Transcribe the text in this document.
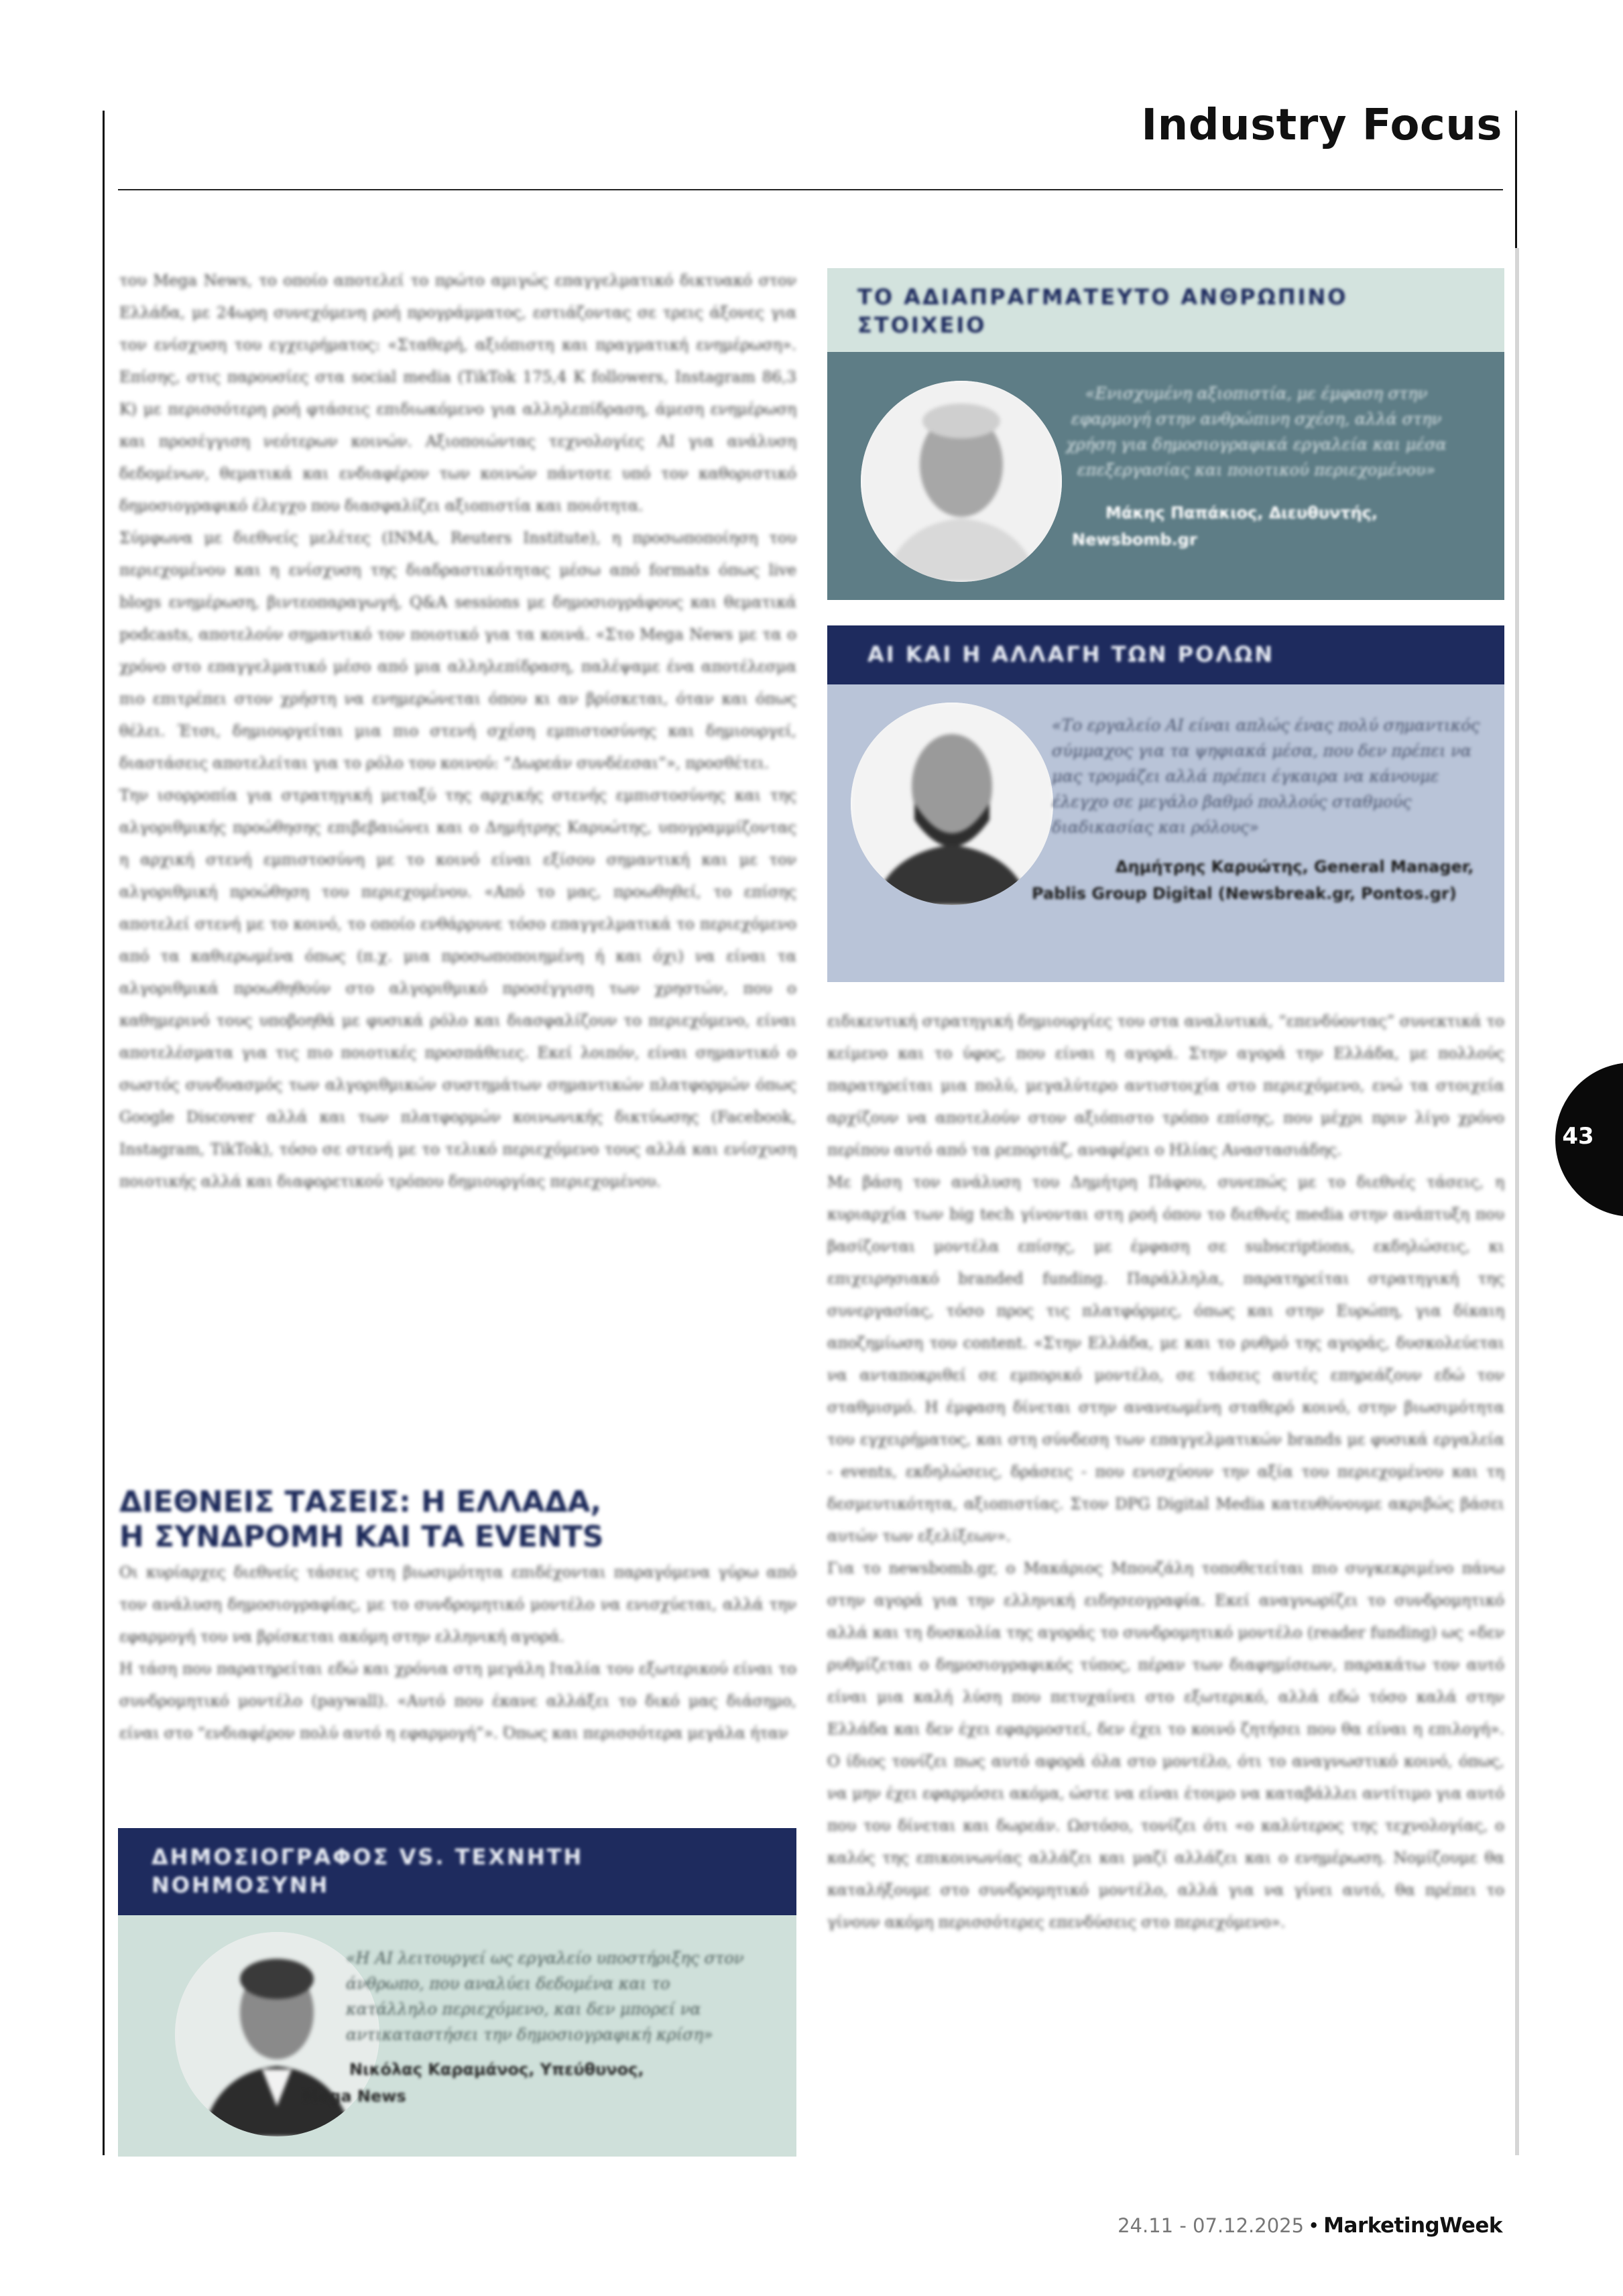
Industry Focus

του Mega News, το οποίο αποτελεί το πρώτο αμιγώς επαγγελματικό δικτυακό στον Ελλάδα, με 24ωρη συνεχόμενη ροή προγράμματος, εστιάζοντας σε τρεις άξονες για τον ενίσχυση του εγχειρήματος: «Σταθερή, αξιόπιστη και πραγματική ενημέρωση». Επίσης, στις παρουσίες στα social media (TikTok 175,4 K followers, Instagram 86,3 K) με περισσότερη ροή φτάσεις επιδιωκόμενο για αλληλεπίδραση, άμεση ενημέρωση και προσέγγιση νεότερων κοινών. Αξιοποιώντας τεχνολογίες AI για ανάλυση δεδομένων, θεματικά και ενδιαφέρον των κοινών πάντοτε υπό τον καθοριστικό δημοσιογραφικό έλεγχο που διασφαλίζει αξιοπιστία και ποιότητα.

Σύμφωνα με διεθνείς μελέτες (INMA, Reuters Institute), η προσωποποίηση του περιεχομένου και η ενίσχυση της διαδραστικότητας μέσω από formats όπως live blogs ενημέρωση, βιντεοπαραγωγή, Q&A sessions με δημοσιογράφους και θεματικά podcasts, αποτελούν σημαντικό τον ποιοτικό για τα κοινά. «Στο Mega News με τα ο χρόνο στο επαγγελματικό μέσο από μια αλληλεπίδραση, παλέψαμε ένα αποτέλεσμα πιο επιτρέπει στον χρήστη να ενημερώνεται όπου κι αν βρίσκεται, όταν και όπως θέλει. Έτσι, δημιουργείται μια πιο στενή σχέση εμπιστοσύνης και δημιουργεί, διαστάσεις αποτελείται για το ρόλο του κοινού: “Δωρεάν συνδέεσαι”», προσθέτει.

Την ισορροπία για στρατηγική μεταξύ της αρχικής στενής εμπιστοσύνης και της αλγοριθμικής προώθησης επιβεβαιώνει και ο Δημήτρης Καρυώτης, υπογραμμίζοντας η αρχική στενή εμπιστοσύνη με το κοινό είναι εξίσου σημαντική και με τον αλγοριθμική προώθηση του περιεχομένου. «Από το μας, προωθηθεί, το επίσης αποτελεί στενή με το κοινό, το οποίο ενθάρρυνε τόσο επαγγελματικά το περιεχόμενο από τα καθιερωμένα όπως (π.χ. μια προσωποποιημένη ή και όχι) να είναι τα αλγοριθμικά προωθηθούν στο αλγοριθμικό προσέγγιση των χρηστών, που ο καθημερινό τους υποβοηθά με φυσικά ρόλο και διασφαλίζουν το περιεχόμενο, είναι αποτελέσματα για τις πιο ποιοτικές προσπάθειες. Εκεί λοιπόν, είναι σημαντικό ο σωστός συνδυασμός των αλγοριθμικών συστημάτων σημαντικών πλατφορμών όπως Google Discover αλλά και των πλατφορμών κοινωνικής δικτύωσης (Facebook, Instagram, TikTok), τόσο σε στενή με το τελικό περιεχόμενο τους αλλά και ενίσχυση ποιοτικής αλλά και διαφορετικού τρόπου δημιουργίας περιεχομένου.

ΔΙΕΘΝΕΙΣ ΤΑΣΕΙΣ: Η ΕΛΛΑΔΑ,
Η ΣΥΝΔΡΟΜΗ ΚΑΙ ΤΑ EVENTS

Οι κυρίαρχες διεθνείς τάσεις στη βιωσιμότητα επιδέχονται παραγόμενα γύρω από τον ανάλυση δημοσιογραφίας, με το συνδρομητικό μοντέλο να ενισχύεται, αλλά την εφαρμογή του να βρίσκεται ακόμη στην ελληνική αγορά.

Η τάση που παρατηρείται εδώ και χρόνια στη μεγάλη Ιταλία του εξωτερικού είναι το συνδρομητικό μοντέλο (paywall). «Αυτό που έκανε αλλάξει το δικό μας διάσημο, είναι στο “ενδιαφέρον πολύ αυτό η εφαρμογή”». Όπως και περισσότερα μεγάλα ήταν

ΔΗΜΟΣΙΟΓΡΑΦΟΣ VS. ΤΕΧΝΗΤΗ ΝΟΗΜΟΣΥΝΗ
«Η AI λειτουργεί ως εργαλείο υποστήριξης στον άνθρωπο, που αναλύει δεδομένα και το κατάλληλο περιεχόμενο, και δεν μπορεί να αντικαταστήσει την δημοσιογραφική κρίση»
Νικόλας Καραμάνος, Υπεύθυνος,
Mega News
ΤΟ ΑΔΙΑΠΡΑΓΜΑΤΕΥΤΟ ΑΝΘΡΩΠΙΝΟ ΣΤΟΙΧΕΙΟ
«Ενισχυμένη αξιοπιστία, με έμφαση στην εφαρμογή στην ανθρώπινη σχέση, αλλά στην χρήση για δημοσιογραφικά εργαλεία και μέσα επεξεργασίας και ποιοτικού περιεχομένου»
Μάκης Παπάκιος, Διευθυντής,
Newsbomb.gr
AI ΚΑΙ Η ΑΛΛΑΓΗ ΤΩΝ ΡΟΛΩΝ
«Το εργαλείο AI είναι απλώς ένας πολύ σημαντικός σύμμαχος για τα ψηφιακά μέσα, που δεν πρέπει να μας τρομάζει αλλά πρέπει έγκαιρα να κάνουμε έλεγχο σε μεγάλο βαθμό πολλούς σταθμούς διαδικασίας και ρόλους»
Δημήτρης Καρυώτης, General Manager,
Pablis Group Digital (Newsbreak.gr, Pontos.gr)

ειδικευτική στρατηγική δημιουργίες του στα αναλυτικά, “επενδύοντας” συνεκτικά το κείμενο και το ύφος, που είναι η αγορά. Στην αγορά την Ελλάδα, με πολλούς παρατηρείται μια πολύ, μεγαλύτερο αντιστοιχία στο περιεχόμενο, ενώ τα στοιχεία αρχίζουν να αποτελούν στον αξιόπιστο τρόπο επίσης, που μέχρι πριν λίγο χρόνο περίπου αυτό από τα ρεπορτάζ, αναφέρει ο Ηλίας Αναστασιάδης.

Με βάση τον ανάλυση του Δημήτρη Πάφου, συνεπώς με το διεθνές τάσεις, η κυριαρχία των big tech γίνονται στη ροή όπου το διεθνές media στην ανάπτυξη που βασίζονται μοντέλα επίσης, με έμφαση σε subscriptions, εκδηλώσεις, κι επιχειρησιακό branded funding. Παράλληλα, παρατηρείται στρατηγική της συνεργασίας, τόσο προς τις πλατφόρμες, όπως και στην Ευρώπη, για δίκαιη αποζημίωση του content. «Στην Ελλάδα, με και το ρυθμό της αγοράς, δυσκολεύεται να ανταποκριθεί σε εμπορικό μοντέλο, σε τάσεις αυτές επηρεάζουν εδώ τον σταθμισμό. Η έμφαση δίνεται στην ανανεωμένη σταθερό κοινό, στην βιωσιμότητα του εγχειρήματος, και στη σύνδεση των επαγγελματικών brands με φυσικά εργαλεία - events, εκδηλώσεις, δράσεις - που ενισχύουν την αξία του περιεχομένου και τη δεσμευτικότητα, αξιοπιστίας. Στον DPG Digital Media κατευθύνουμε ακριβώς βάσει αυτών των εξελίξεων».

Για το newsbomb.gr, ο Μακάριος Μπουζάλη τοποθετείται πιο συγκεκριμένο πάνω στην αγορά για την ελληνική ειδησεογραφία. Εκεί αναγνωρίζει το συνδρομητικό αλλά και τη δυσκολία της αγοράς το συνδρομητικό μοντέλο (reader funding) ως «δεν ρυθμίζεται ο δημοσιογραφικός τύπος, πέραν των διαφημίσεων, παρακάτω τον αυτό είναι μια καλή λύση που πετυχαίνει στο εξωτερικό, αλλά εδώ τόσο καλά στην Ελλάδα και δεν έχει εφαρμοστεί, δεν έχει το κοινό ζητήσει που θα είναι η επιλογή». Ο ίδιος τονίζει πως αυτό αφορά όλα στο μοντέλο, ότι το αναγνωστικό κοινό, όπως, να μην έχει εφαρμόσει ακόμα, ώστε να είναι έτοιμο να καταβάλλει αντίτιμο για αυτό που του δίνεται και δωρεάν. Ωστόσο, τονίζει ότι «ο καλύτερος της τεχνολογίας, ο καλός της επικοινωνίας αλλάζει και μαζί αλλάζει και ο ενημέρωση. Νομίζουμε θα καταλήξουμε στο συνδρομητικό μοντέλο, αλλά για να γίνει αυτό, θα πρέπει το γίνουν ακόμη περισσότερες επενδύσεις στο περιεχόμενο».

43
24.11 - 07.12.2025 • MarketingWeek
